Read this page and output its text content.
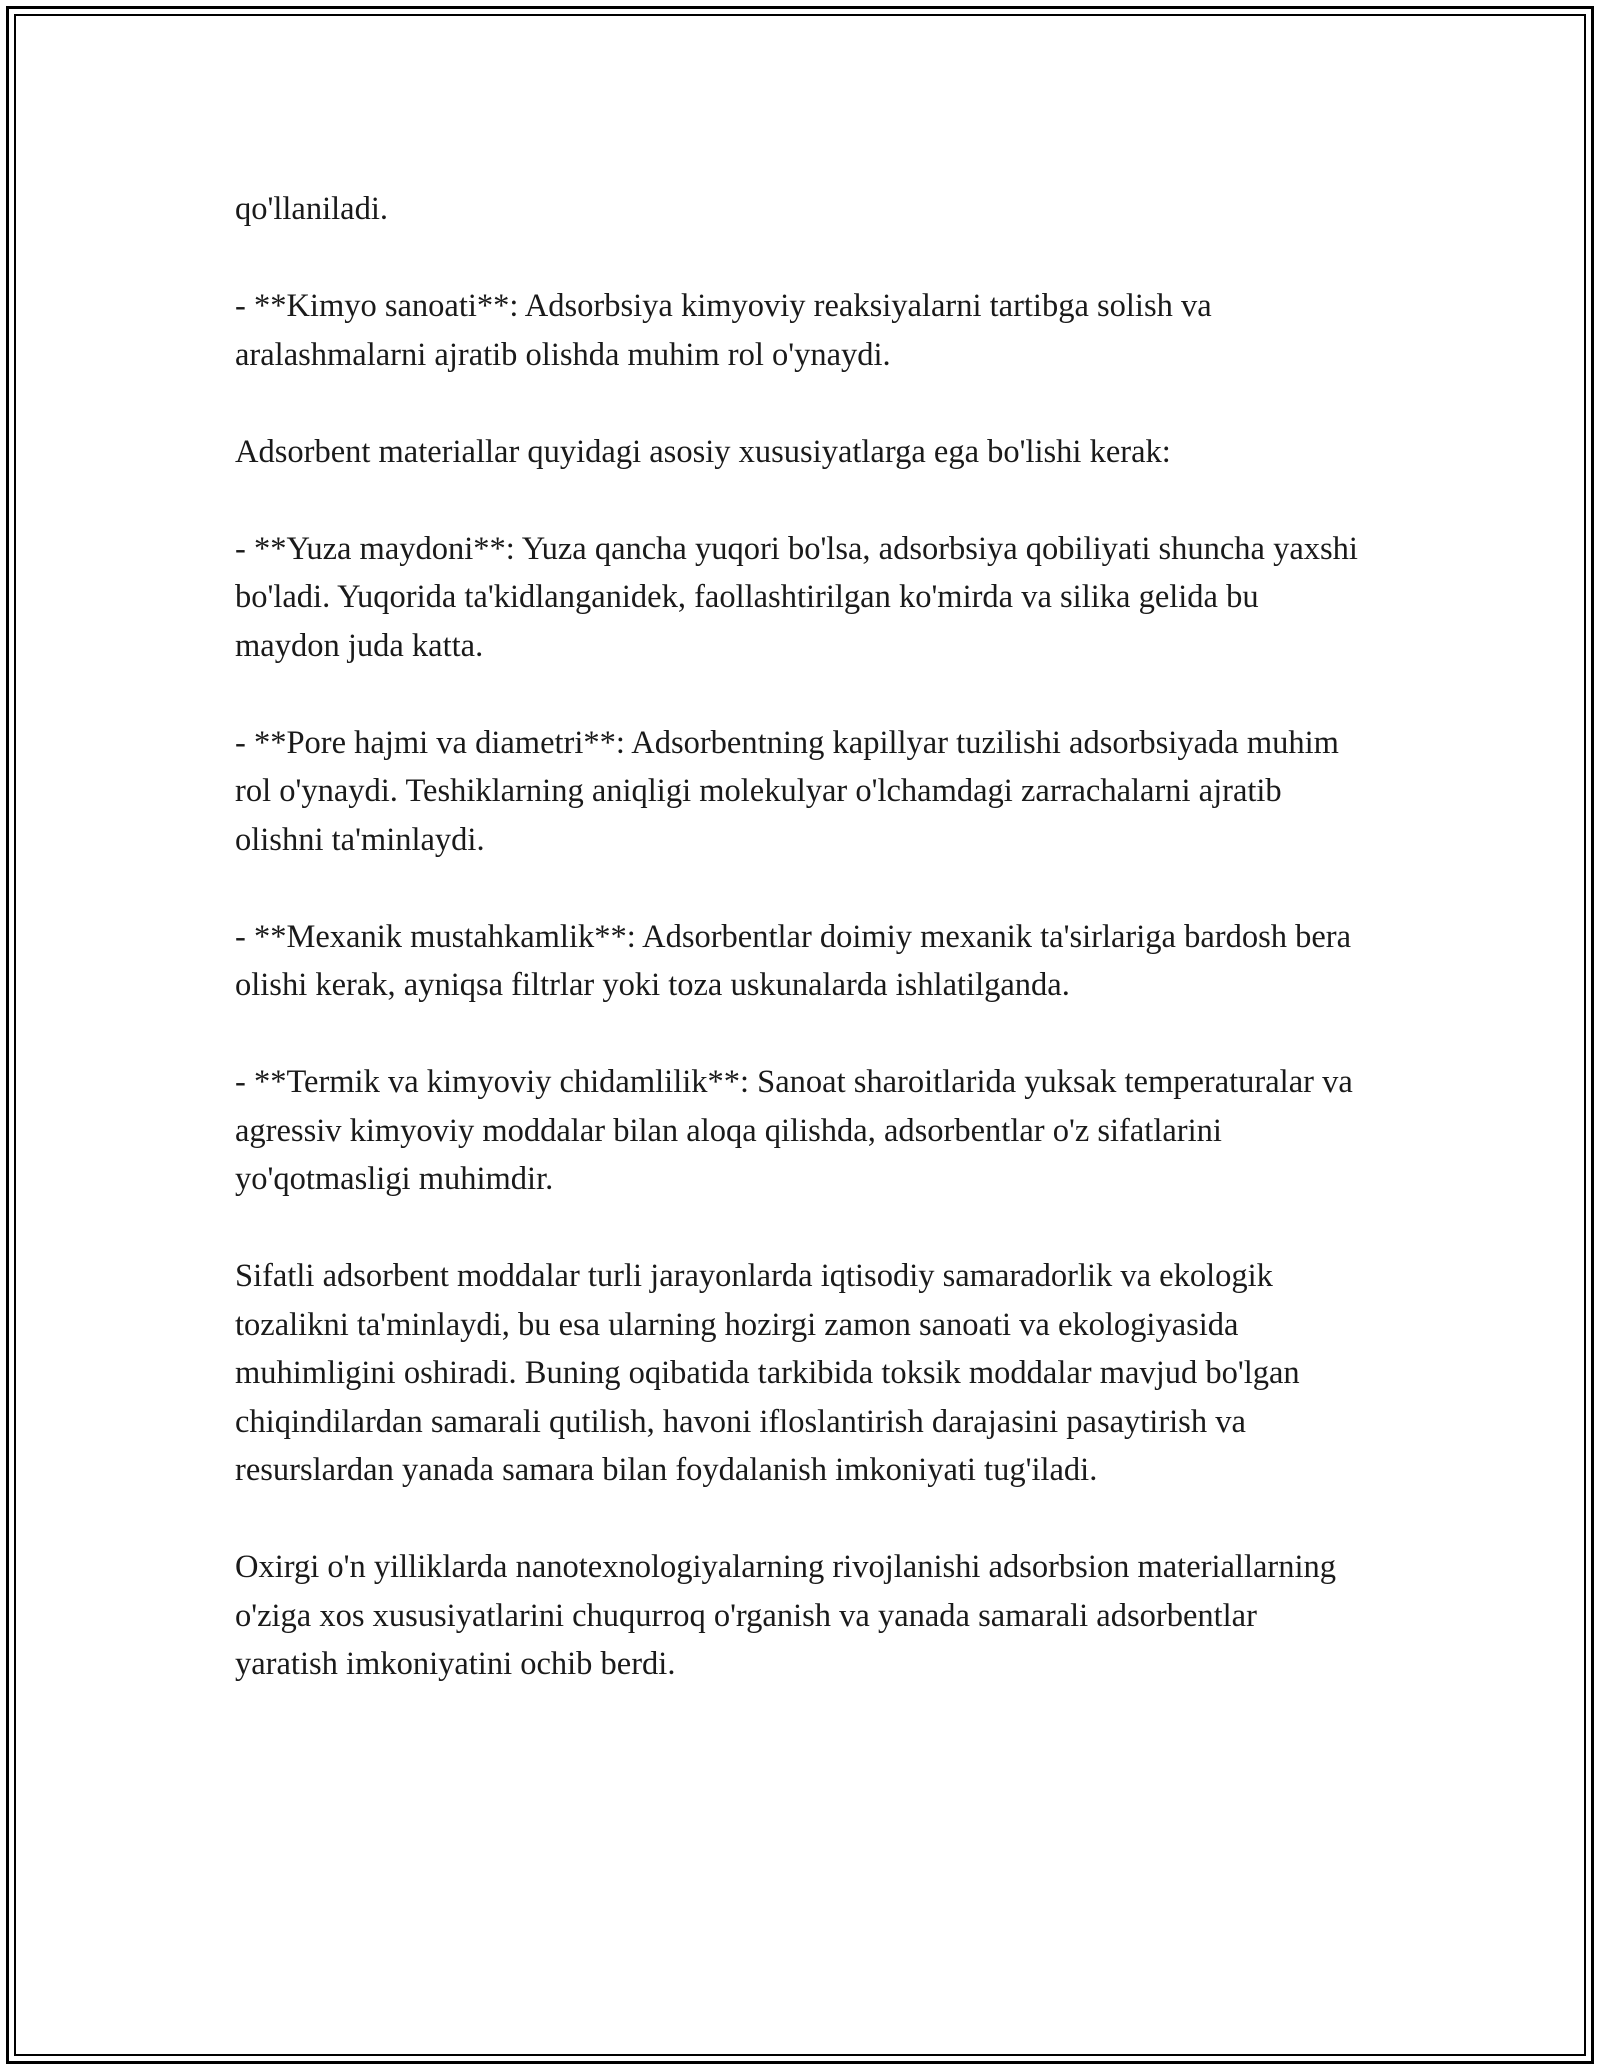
qo'llaniladi.

- **Kimyo sanoati**: Adsorbsiya kimyoviy reaksiyalarni tartibga solish va aralashmalarni ajratib olishda muhim rol o'ynaydi.

Adsorbent materiallar quyidagi asosiy xususiyatlarga ega bo'lishi kerak:

- **Yuza maydoni**: Yuza qancha yuqori bo'lsa, adsorbsiya qobiliyati shuncha yaxshi bo'ladi. Yuqorida ta'kidlanganidek, faollashtirilgan ko'mirda va silika gelida bu maydon juda katta.

- **Pore hajmi va diametri**: Adsorbentning kapillyar tuzilishi adsorbsiyada muhim rol o'ynaydi. Teshiklarning aniqligi molekulyar o'lchamdagi zarrachalarni ajratib olishni ta'minlaydi.

- **Mexanik mustahkamlik**: Adsorbentlar doimiy mexanik ta'sirlariga bardosh bera olishi kerak, ayniqsa filtrlar yoki toza uskunalarda ishlatilganda.

- **Termik va kimyoviy chidamlilik**: Sanoat sharoitlarida yuksak temperaturalar va agressiv kimyoviy moddalar bilan aloqa qilishda, adsorbentlar o'z sifatlarini yo'qotmasligi muhimdir.

Sifatli adsorbent moddalar turli jarayonlarda iqtisodiy samaradorlik va ekologik tozalikni ta'minlaydi, bu esa ularning hozirgi zamon sanoati va ekologiyasida muhimligini oshiradi. Buning oqibatida tarkibida toksik moddalar mavjud bo'lgan chiqindilardan samarali qutilish, havoni ifloslantirish darajasini pasaytirish va resurslardan yanada samara bilan foydalanish imkoniyati tug'iladi.

Oxirgi o'n yilliklarda nanotexnologiyalarning rivojlanishi adsorbsion materiallarning o'ziga xos xususiyatlarini chuqurroq o'rganish va yanada samarali adsorbentlar yaratish imkoniyatini ochib berdi.
